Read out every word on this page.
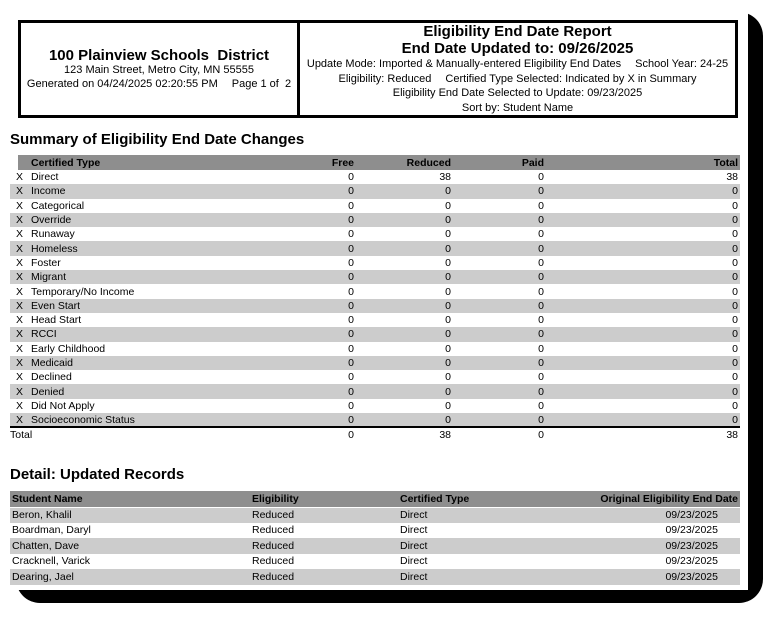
100 Plainview Schools  District
123 Main Street, Metro City, MN 55555
Generated on 04/24/2025 02:20:55 PM Page 1 of  2
Eligibility End Date Report
End Date Updated to: 09/26/2025
Update Mode: Imported & Manually-entered Eligibility End Dates School Year: 24-25
Eligibility: Reduced Certified Type Selected: Indicated by X in Summary
Eligibility End Date Selected to Update: 09/23/2025
Sort by: Student Name
Summary of Eligibility End Date Changes
	Certified Type	Free	Reduced	Paid	Total
X	Direct	0	38	0	38
X	Income	0	0	0	0
X	Categorical	0	0	0	0
X	Override	0	0	0	0
X	Runaway	0	0	0	0
X	Homeless	0	0	0	0
X	Foster	0	0	0	0
X	Migrant	0	0	0	0
X	Temporary/No Income	0	0	0	0
X	Even Start	0	0	0	0
X	Head Start	0	0	0	0
X	RCCI	0	0	0	0
X	Early Childhood	0	0	0	0
X	Medicaid	0	0	0	0
X	Declined	0	0	0	0
X	Denied	0	0	0	0
X	Did Not Apply	0	0	0	0
X	Socioeconomic Status	0	0	0	0
Total		0	38	0	38
Detail: Updated Records
Student Name	Eligibility	Certified Type	Original Eligibility End Date
Beron, Khalil	Reduced	Direct	09/23/2025
Boardman, Daryl	Reduced	Direct	09/23/2025
Chatten, Dave	Reduced	Direct	09/23/2025
Cracknell, Varick	Reduced	Direct	09/23/2025
Dearing, Jael	Reduced	Direct	09/23/2025
